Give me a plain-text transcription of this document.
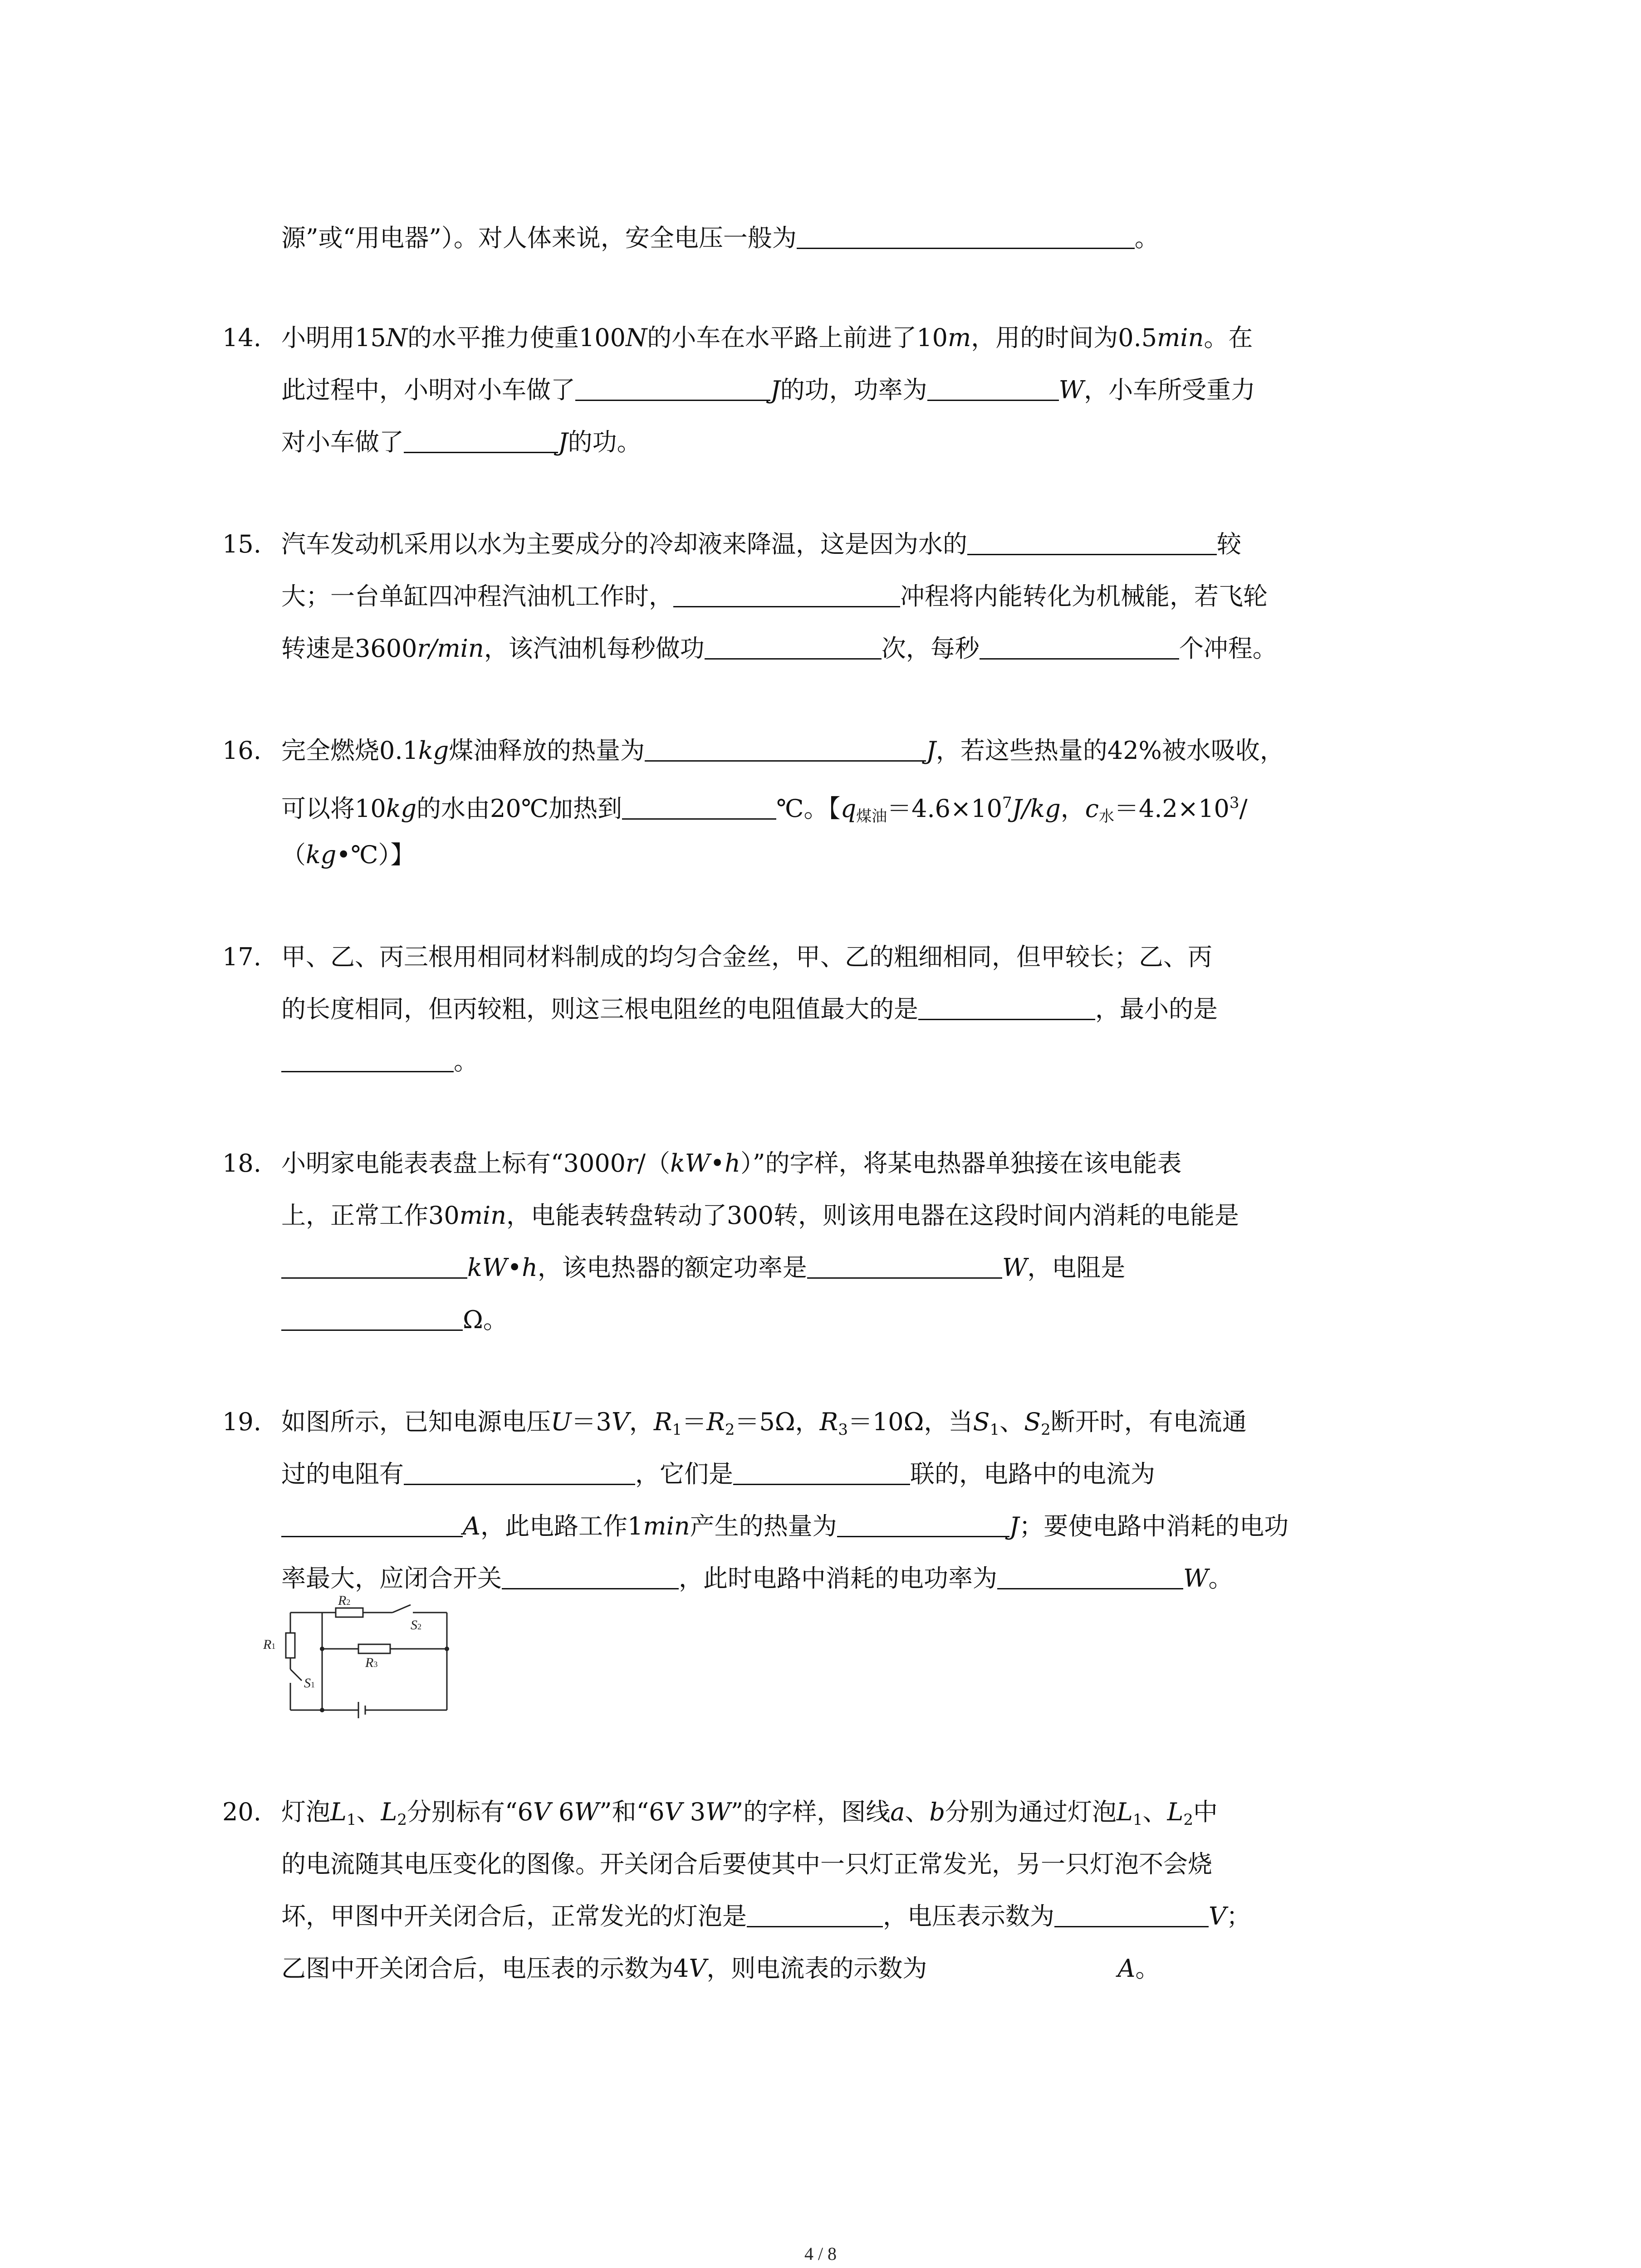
源”或“用电器”）。对人体来说，安全电压一般为	。
14. 小明用15N的水平推力使重100N的小车在水平路上前进了10m，用的时间为0.5min。在
此过程中，小明对小车做了	J的功，功率为	W，小车所受重力
对小车做了	J的功。
15. 汽车发动机采用以水为主要成分的冷却液来降温，这是因为水的	较
大；一台单缸四冲程汽油机工作时，	冲程将内能转化为机械能，若飞轮
转速是3600r/min，该汽油机每秒做功	次，每秒	个冲程。
16. 完全燃烧0.1kg煤油释放的热量为	J，若这些热量的42%被水吸收，
可以将10kg的水由20℃加热到	℃。【$q_{煤油}=4.6\times 10^7J/kg$，$c_水=4.2\times 10^3/$
（kg•℃）】
17. 甲、乙、丙三根用相同材料制成的均匀合金丝，甲、乙的粗细相同，但甲较长；乙、丙
的长度相同，但丙较粗，则这三根电阻丝的电阻值最大的是	，最小的是
。
18. 小明家电能表表盘上标有“3000r/（kW•h）”的字样，将某电热器单独接在该电能表
上，正常工作30min，电能表转盘转动了300转，则该用电器在这段时间内消耗的电能是
kW•h，该电热器的额定功率是	W，电阻是
Ω。
19. 如图所示，已知电源电压U＝3V，$R_1=R_2=5\Omega$，$R_3=10\Omega$，当$S_1$、$S_2$断开时，有电流通
过的电阻有	，它们是	联的，电路中的电流为
A，此电路工作1min产生的热量为	J；要使电路中消耗的电功
率最大，应闭合开关	，此时电路中消耗的电功率为	W。
20. 灯泡$L_1$、$L_2$分别标有“6V 6W”和“6V 3W”的字样，图线a、b分别为通过灯泡$L_1$、$L_2$中
的电流随其电压变化的图像。开关闭合后要使其中一只灯正常发光，另一只灯泡不会烧
坏，甲图中开关闭合后，正常发光的灯泡是	，电压表示数为	V；
乙图中开关闭合后，电压表的示数为4V，则电流表的示数为	A。
R2
S2
R3
R1
S1
4 / 8
